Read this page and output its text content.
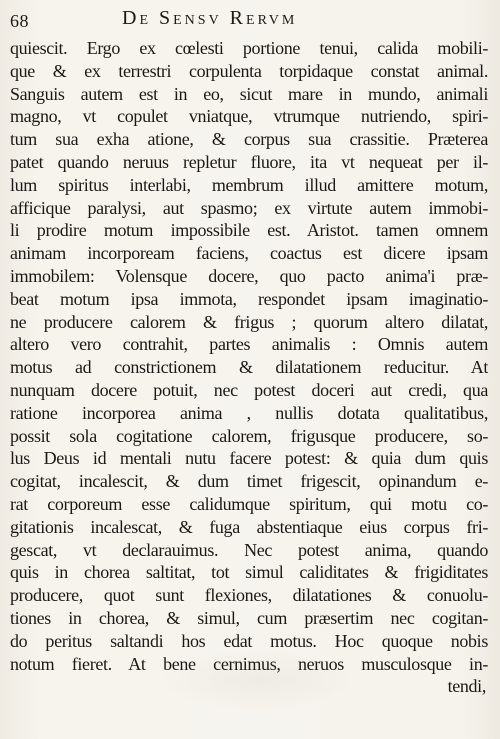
68	De Sensv Rervm
quiescit. Ergo ex cœlesti portione tenui, calida mobili-
que & ex terrestri corpulenta torpidaque constat animal.
Sanguis autem est in eo, sicut mare in mundo, animali
magno, vt copulet vniatque, vtrumque nutriendo, spiri-
tum sua exha atione, & corpus sua crassitie. Præterea
patet quando neruus repletur fluore, ita vt nequeat per il-
lum spiritus interlabi, membrum illud amittere motum,
afficique paralysi, aut spasmo; ex virtute autem immobi-
li prodire motum impossibile est. Aristot. tamen omnem
animam incorpoream faciens, coactus est dicere ipsam
immobilem: Volensque docere, quo pacto anima'i præ-
beat motum ipsa immota, respondet ipsam imaginatio-
ne producere calorem & frigus ; quorum altero dilatat,
altero vero contrahit, partes animalis : Omnis autem
motus ad constrictionem & dilatationem reducitur. At
nunquam docere potuit, nec potest doceri aut credi, qua
ratione incorporea anima , nullis dotata qualitatibus,
possit sola cogitatione calorem, frigusque producere, so-
lus Deus id mentali nutu facere potest: & quia dum quis
cogitat, incalescit, & dum timet frigescit, opinandum e-
rat corporeum esse calidumque spiritum, qui motu co-
gitationis incalescat, & fuga abstentiaque eius corpus fri-
gescat, vt declarauimus. Nec potest anima, quando
quis in chorea saltitat, tot simul caliditates & frigiditates
producere, quot sunt flexiones, dilatationes & conuolu-
tiones in chorea, & simul, cum præsertim nec cogitan-
do peritus saltandi hos edat motus. Hoc quoque nobis
notum fieret. At bene cernimus, neruos musculosque in-
tendi,
